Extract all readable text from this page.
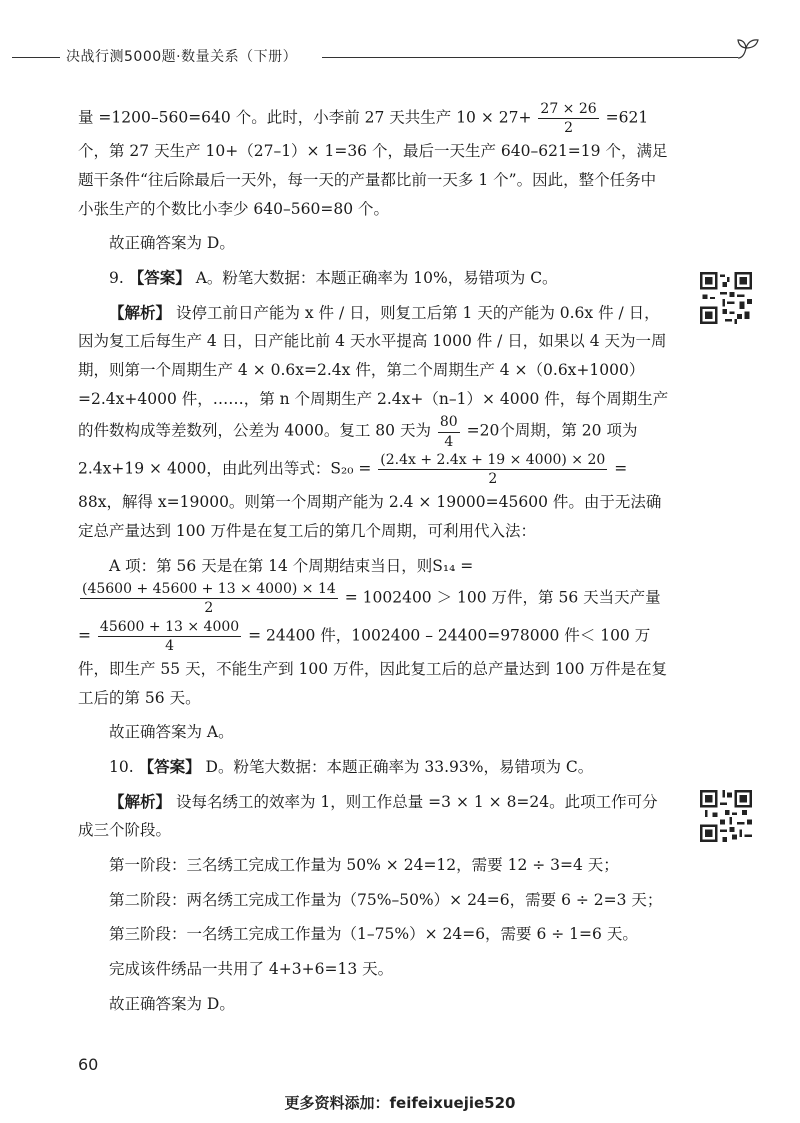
决战行测5000题·数量关系（下册）

量 =1200–560=640 个。此时，小李前 27 天共生产 $10 \times 27+ \frac{27 \times 26}{2} =621$ 个，第 27 天生产 10+（27–1）× 1=36 个，最后一天生产 640–621=19 个，满足题干条件“往后除最后一天外，每一天的产量都比前一天多 1 个”。因此，整个任务中小张生产的个数比小李少 640–560=80 个。

故正确答案为 D。

9. 【答案】 A。粉笔大数据：本题正确率为 10%，易错项为 C。

【解析】 设停工前日产能为 x 件 / 日，则复工后第 1 天的产能为 0.6x 件 / 日，因为复工后每生产 4 日，日产能比前 4 天水平提高 1000 件 / 日，如果以 4 天为一周期，则第一个周期生产 4 × 0.6x=2.4x 件，第二个周期生产 4 ×（0.6x+1000）=2.4x+4000 件，……，第 n 个周期生产 2.4x+（n–1）× 4000 件，每个周期生产的件数构成等差数列，公差为 4000。复工 80 天为 $\frac{80}{4} =20$个周期，第 20 项为 2.4x+19 × 4000，由此列出等式：$S_{20} = \frac{(2.4x + 2.4x + 19 \times 4000) \times 20}{2} = 88x$，解得 x=19000。则第一个周期产能为 2.4 × 19000=45600 件。由于无法确定总产量达到 100 万件是在复工后的第几个周期，可利用代入法：

A 项：第 56 天是在第 14 个周期结束当日，则S₁₄ =
$\frac{(45600 + 45600 + 13 \times 4000) \times 14}{2} = 1002400 > 100$ 万件，第 56 天当天产量 = $\frac{45600 + 13 \times 4000}{4} = 24400$ 件，1002400 – 24400=978000 件＜ 100 万件，即生产 55 天，不能生产到 100 万件，因此复工后的总产量达到 100 万件是在复工后的第 56 天。

故正确答案为 A。

10. 【答案】 D。粉笔大数据：本题正确率为 33.93%，易错项为 C。

【解析】 设每名绣工的效率为 1，则工作总量 =3 × 1 × 8=24。此项工作可分成三个阶段。

第一阶段：三名绣工完成工作量为 50% × 24=12，需要 12 ÷ 3=4 天；

第二阶段：两名绣工完成工作量为（75%–50%）× 24=6，需要 6 ÷ 2=3 天；

第三阶段：一名绣工完成工作量为（1–75%）× 24=6，需要 6 ÷ 1=6 天。

完成该件绣品一共用了 4+3+6=13 天。

故正确答案为 D。

60
更多资料添加：feifeixuejie520
